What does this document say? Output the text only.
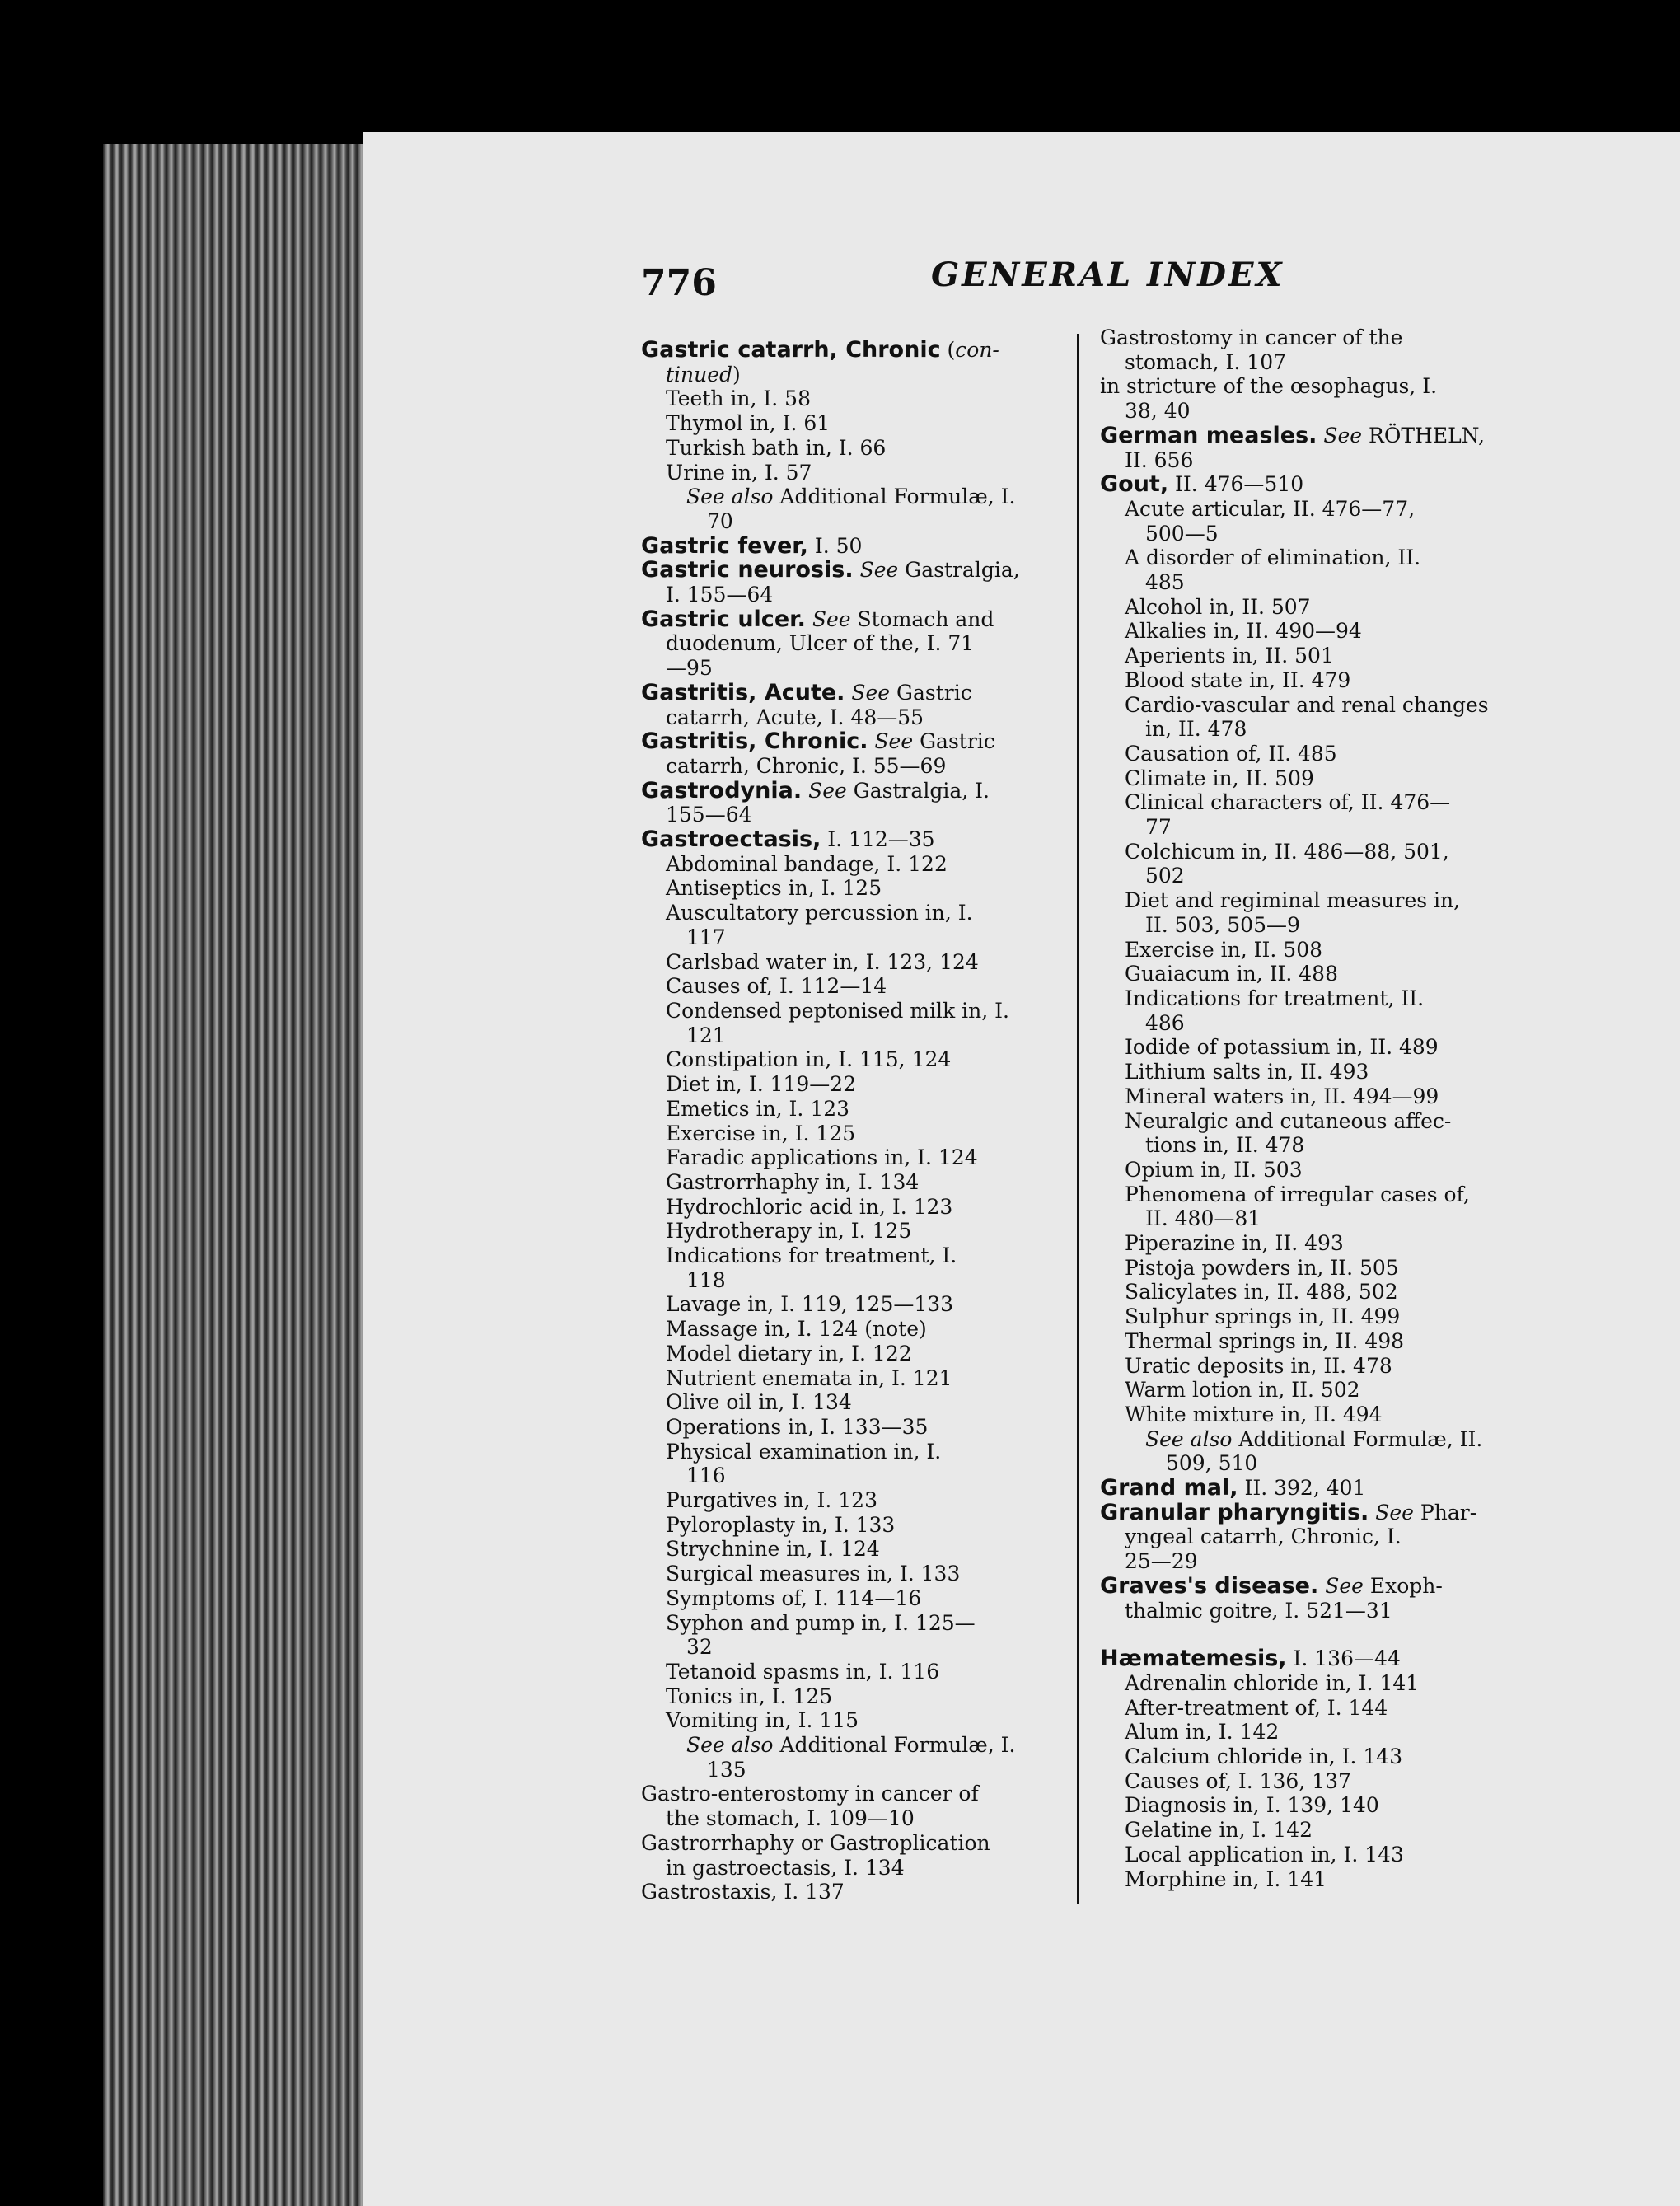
776	GENERAL INDEX
Gastric catarrh, Chronic (con-
tinued)
Teeth in, I. 58
Thymol in, I. 61
Turkish bath in, I. 66
Urine in, I. 57
See also Additional Formulæ, I.
70
Gastric fever, I. 50
Gastric neurosis. See Gastralgia,
I. 155—64
Gastric ulcer. See Stomach and
duodenum, Ulcer of the, I. 71
—95
Gastritis, Acute. See Gastric
catarrh, Acute, I. 48—55
Gastritis, Chronic. See Gastric
catarrh, Chronic, I. 55—69
Gastrodynia. See Gastralgia, I.
155—64
Gastroectasis, I. 112—35
Abdominal bandage, I. 122
Antiseptics in, I. 125
Auscultatory percussion in, I.
117
Carlsbad water in, I. 123, 124
Causes of, I. 112—14
Condensed peptonised milk in, I.
121
Constipation in, I. 115, 124
Diet in, I. 119—22
Emetics in, I. 123
Exercise in, I. 125
Faradic applications in, I. 124
Gastrorrhaphy in, I. 134
Hydrochloric acid in, I. 123
Hydrotherapy in, I. 125
Indications for treatment, I.
118
Lavage in, I. 119, 125—133
Massage in, I. 124 (note)
Model dietary in, I. 122
Nutrient enemata in, I. 121
Olive oil in, I. 134
Operations in, I. 133—35
Physical examination in, I.
116
Purgatives in, I. 123
Pyloroplasty in, I. 133
Strychnine in, I. 124
Surgical measures in, I. 133
Symptoms of, I. 114—16
Syphon and pump in, I. 125—
32
Tetanoid spasms in, I. 116
Tonics in, I. 125
Vomiting in, I. 115
See also Additional Formulæ, I.
135
Gastro-enterostomy in cancer of
the stomach, I. 109—10
Gastrorrhaphy or Gastroplication
in gastroectasis, I. 134
Gastrostaxis, I. 137
Gastrostomy in cancer of the
stomach, I. 107
in stricture of the œsophagus, I.
38, 40
German measles. See RÖTHELN,
II. 656
Gout, II. 476—510
Acute articular, II. 476—77,
500—5
A disorder of elimination, II.
485
Alcohol in, II. 507
Alkalies in, II. 490—94
Aperients in, II. 501
Blood state in, II. 479
Cardio-vascular and renal changes
in, II. 478
Causation of, II. 485
Climate in, II. 509
Clinical characters of, II. 476—
77
Colchicum in, II. 486—88, 501,
502
Diet and regiminal measures in,
II. 503, 505—9
Exercise in, II. 508
Guaiacum in, II. 488
Indications for treatment, II.
486
Iodide of potassium in, II. 489
Lithium salts in, II. 493
Mineral waters in, II. 494—99
Neuralgic and cutaneous affec-
tions in, II. 478
Opium in, II. 503
Phenomena of irregular cases of,
II. 480—81
Piperazine in, II. 493
Pistoja powders in, II. 505
Salicylates in, II. 488, 502
Sulphur springs in, II. 499
Thermal springs in, II. 498
Uratic deposits in, II. 478
Warm lotion in, II. 502
White mixture in, II. 494
See also Additional Formulæ, II.
509, 510
Grand mal, II. 392, 401
Granular pharyngitis. See Phar-
yngeal catarrh, Chronic, I.
25—29
Graves's disease. See Exoph-
thalmic goitre, I. 521—31
Hæmatemesis, I. 136—44
Adrenalin chloride in, I. 141
After-treatment of, I. 144
Alum in, I. 142
Calcium chloride in, I. 143
Causes of, I. 136, 137
Diagnosis in, I. 139, 140
Gelatine in, I. 142
Local application in, I. 143
Morphine in, I. 141
